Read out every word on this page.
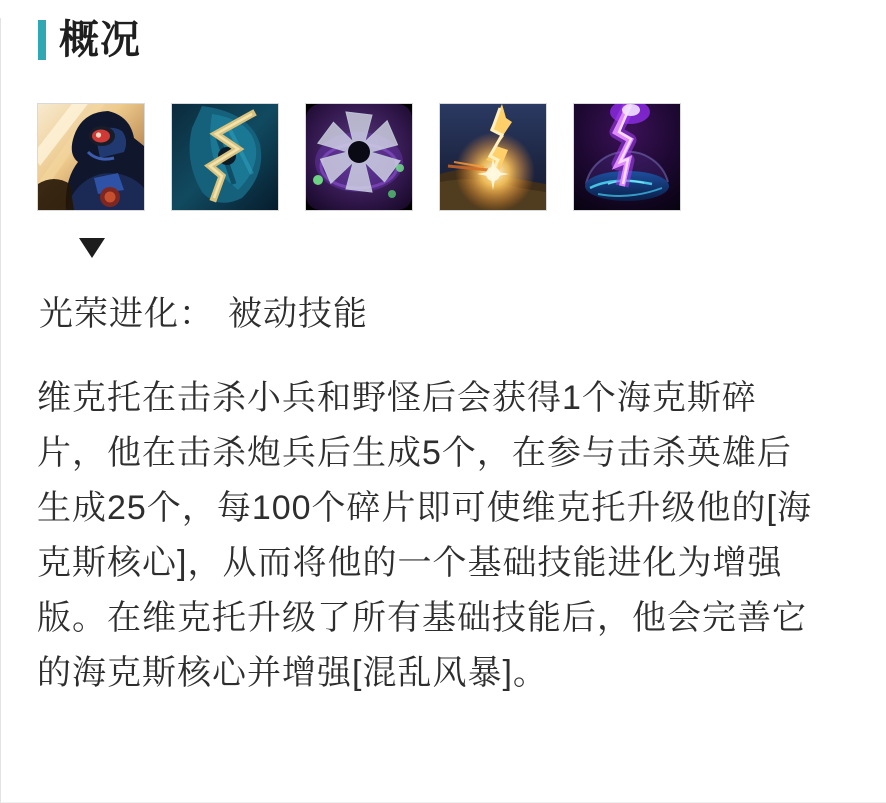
概况
光荣进化： 被动技能
维克托在击杀小兵和野怪后会获得1个海克斯碎
片，他在击杀炮兵后生成5个，在参与击杀英雄后
生成25个，每100个碎片即可使维克托升级他的[海
克斯核心]，从而将他的一个基础技能进化为增强
版。在维克托升级了所有基础技能后，他会完善它
的海克斯核心并增强[混乱风暴]。
